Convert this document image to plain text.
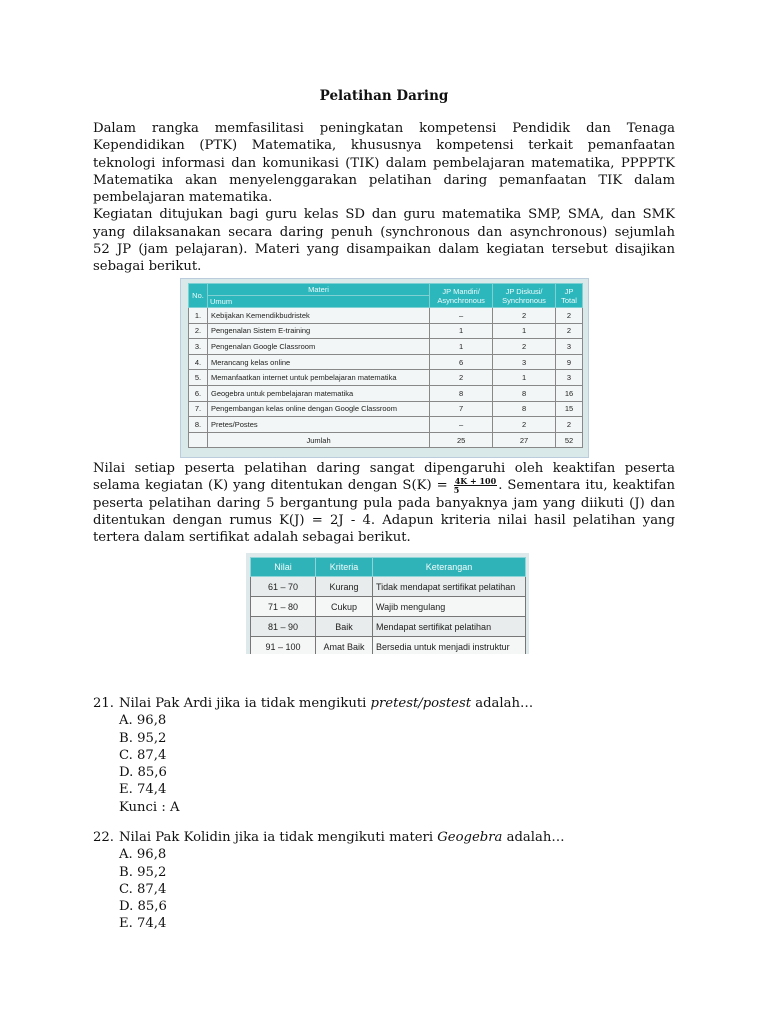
Pelatihan Daring
Dalam rangka memfasilitasi peningkatan kompetensi Pendidik dan Tenaga
Kependidikan (PTK) Matematika, khususnya kompetensi terkait pemanfaatan
teknologi informasi dan komunikasi (TIK) dalam pembelajaran matematika, PPPPTK
Matematika akan menyelenggarakan pelatihan daring pemanfaatan TIK dalam
pembelajaran matematika.
Kegiatan ditujukan bagi guru kelas SD dan guru matematika SMP, SMA, dan SMK
yang dilaksanakan secara daring penuh (synchronous dan asynchronous) sejumlah
52 JP (jam pelajaran). Materi yang disampaikan dalam kegiatan tersebut disajikan
sebagai berikut.
No.	Materi	JP Mandiri/ Asynchronous	JP Diskusi/ Synchronous	JP Total
	Umum			
1.	Kebijakan Kemendikbudristek	–	2	2
2.	Pengenalan Sistem E-training	1	1	2
3.	Pengenalan Google Classroom	1	2	3
4.	Merancang kelas online	6	3	9
5.	Memanfaatkan internet untuk pembelajaran matematika	2	1	3
6.	Geogebra untuk pembelajaran matematika	8	8	16
7.	Pengembangan kelas online dengan Google Classroom	7	8	15
8.	Pretes/Postes	–	2	2
	Jumlah	25	27	52
Nilai setiap peserta pelatihan daring sangat dipengaruhi oleh keaktifan peserta
selama kegiatan (K) yang ditentukan dengan $S(K) = \frac{4K + 100}{5}$ . Sementara itu, keaktifan
peserta pelatihan daring 5 bergantung pula pada banyaknya jam yang diikuti (J) dan
ditentukan dengan rumus K(J) = 2J - 4. Adapun kriteria nilai hasil pelatihan yang
tertera dalam sertifikat adalah sebagai berikut.
Nilai	Kriteria	Keterangan
61 – 70	Kurang	Tidak mendapat sertifikat pelatihan
71 – 80	Cukup	Wajib mengulang
81 – 90	Baik	Mendapat sertifikat pelatihan
91 – 100	Amat Baik	Bersedia untuk menjadi instruktur
21. Nilai Pak Ardi jika ia tidak mengikuti pretest/postest adalah…
A. 96,8
B. 95,2
C. 87,4
D. 85,6
E. 74,4
Kunci : A
22. Nilai Pak Kolidin jika ia tidak mengikuti materi Geogebra adalah…
A. 96,8
B. 95,2
C. 87,4
D. 85,6
E. 74,4
